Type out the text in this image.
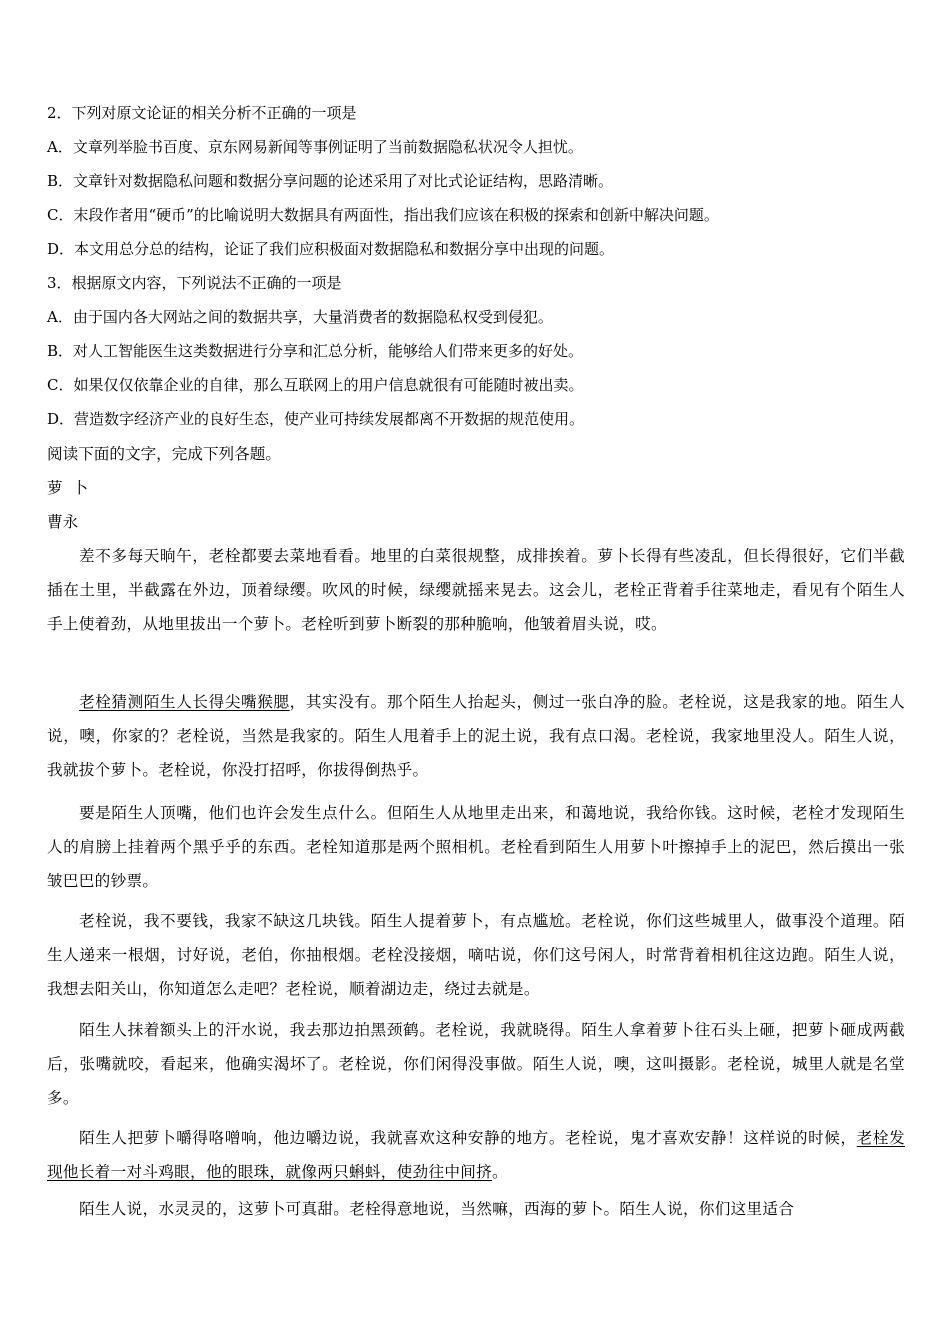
2．下列对原文论证的相关分析不正确的一项是
A．文章列举脸书百度、京东网易新闻等事例证明了当前数据隐私状况令人担忧。
B．文章针对数据隐私问题和数据分享问题的论述采用了对比式论证结构，思路清晰。
C．末段作者用“硬币”的比喻说明大数据具有两面性，指出我们应该在积极的探索和创新中解决问题。
D．本文用总分总的结构，论证了我们应积极面对数据隐私和数据分享中出现的问题。
3．根据原文内容，下列说法不正确的一项是
A．由于国内各大网站之间的数据共享，大量消费者的数据隐私权受到侵犯。
B．对人工智能医生这类数据进行分享和汇总分析，能够给人们带来更多的好处。
C．如果仅仅依靠企业的自律，那么互联网上的用户信息就很有可能随时被出卖。
D．营造数字经济产业的良好生态，使产业可持续发展都离不开数据的规范使用。
阅读下面的文字，完成下列各题。
萝  卜
曹永
差不多每天晌午，老栓都要去菜地看看。地里的白菜很规整，成排挨着。萝卜长得有些凌乱，但长得很好，它们半截插在土里，半截露在外边，顶着绿缨。吹风的时候，绿缨就摇来晃去。这会儿，老栓正背着手往菜地走，看见有个陌生人手上使着劲，从地里拔出一个萝卜。老栓听到萝卜断裂的那种脆响，他皱着眉头说，哎。
老栓猜测陌生人长得尖嘴猴腮，其实没有。那个陌生人抬起头，侧过一张白净的脸。老栓说，这是我家的地。陌生人说，噢，你家的？老栓说，当然是我家的。陌生人甩着手上的泥土说，我有点口渴。老栓说，我家地里没人。陌生人说，我就拔个萝卜。老栓说，你没打招呼，你拔得倒热乎。
要是陌生人顶嘴，他们也许会发生点什么。但陌生人从地里走出来，和蔼地说，我给你钱。这时候，老栓才发现陌生人的肩膀上挂着两个黑乎乎的东西。老栓知道那是两个照相机。老栓看到陌生人用萝卜叶擦掉手上的泥巴，然后摸出一张皱巴巴的钞票。
老栓说，我不要钱，我家不缺这几块钱。陌生人提着萝卜，有点尴尬。老栓说，你们这些城里人，做事没个道理。陌生人递来一根烟，讨好说，老伯，你抽根烟。老栓没接烟，嘀咕说，你们这号闲人，时常背着相机往这边跑。陌生人说，我想去阳关山，你知道怎么走吧？老栓说，顺着湖边走，绕过去就是。
陌生人抹着额头上的汗水说，我去那边拍黑颈鹤。老栓说，我就晓得。陌生人拿着萝卜往石头上砸，把萝卜砸成两截后，张嘴就咬，看起来，他确实渴坏了。老栓说，你们闲得没事做。陌生人说，噢，这叫摄影。老栓说，城里人就是名堂多。
陌生人把萝卜嚼得咯噌响，他边嚼边说，我就喜欢这种安静的地方。老栓说，鬼才喜欢安静！这样说的时候，老栓发现他长着一对斗鸡眼，他的眼珠，就像两只蝌蚪，使劲往中间挤。
陌生人说，水灵灵的，这萝卜可真甜。老栓得意地说，当然嘛，西海的萝卜。陌生人说，你们这里适合
